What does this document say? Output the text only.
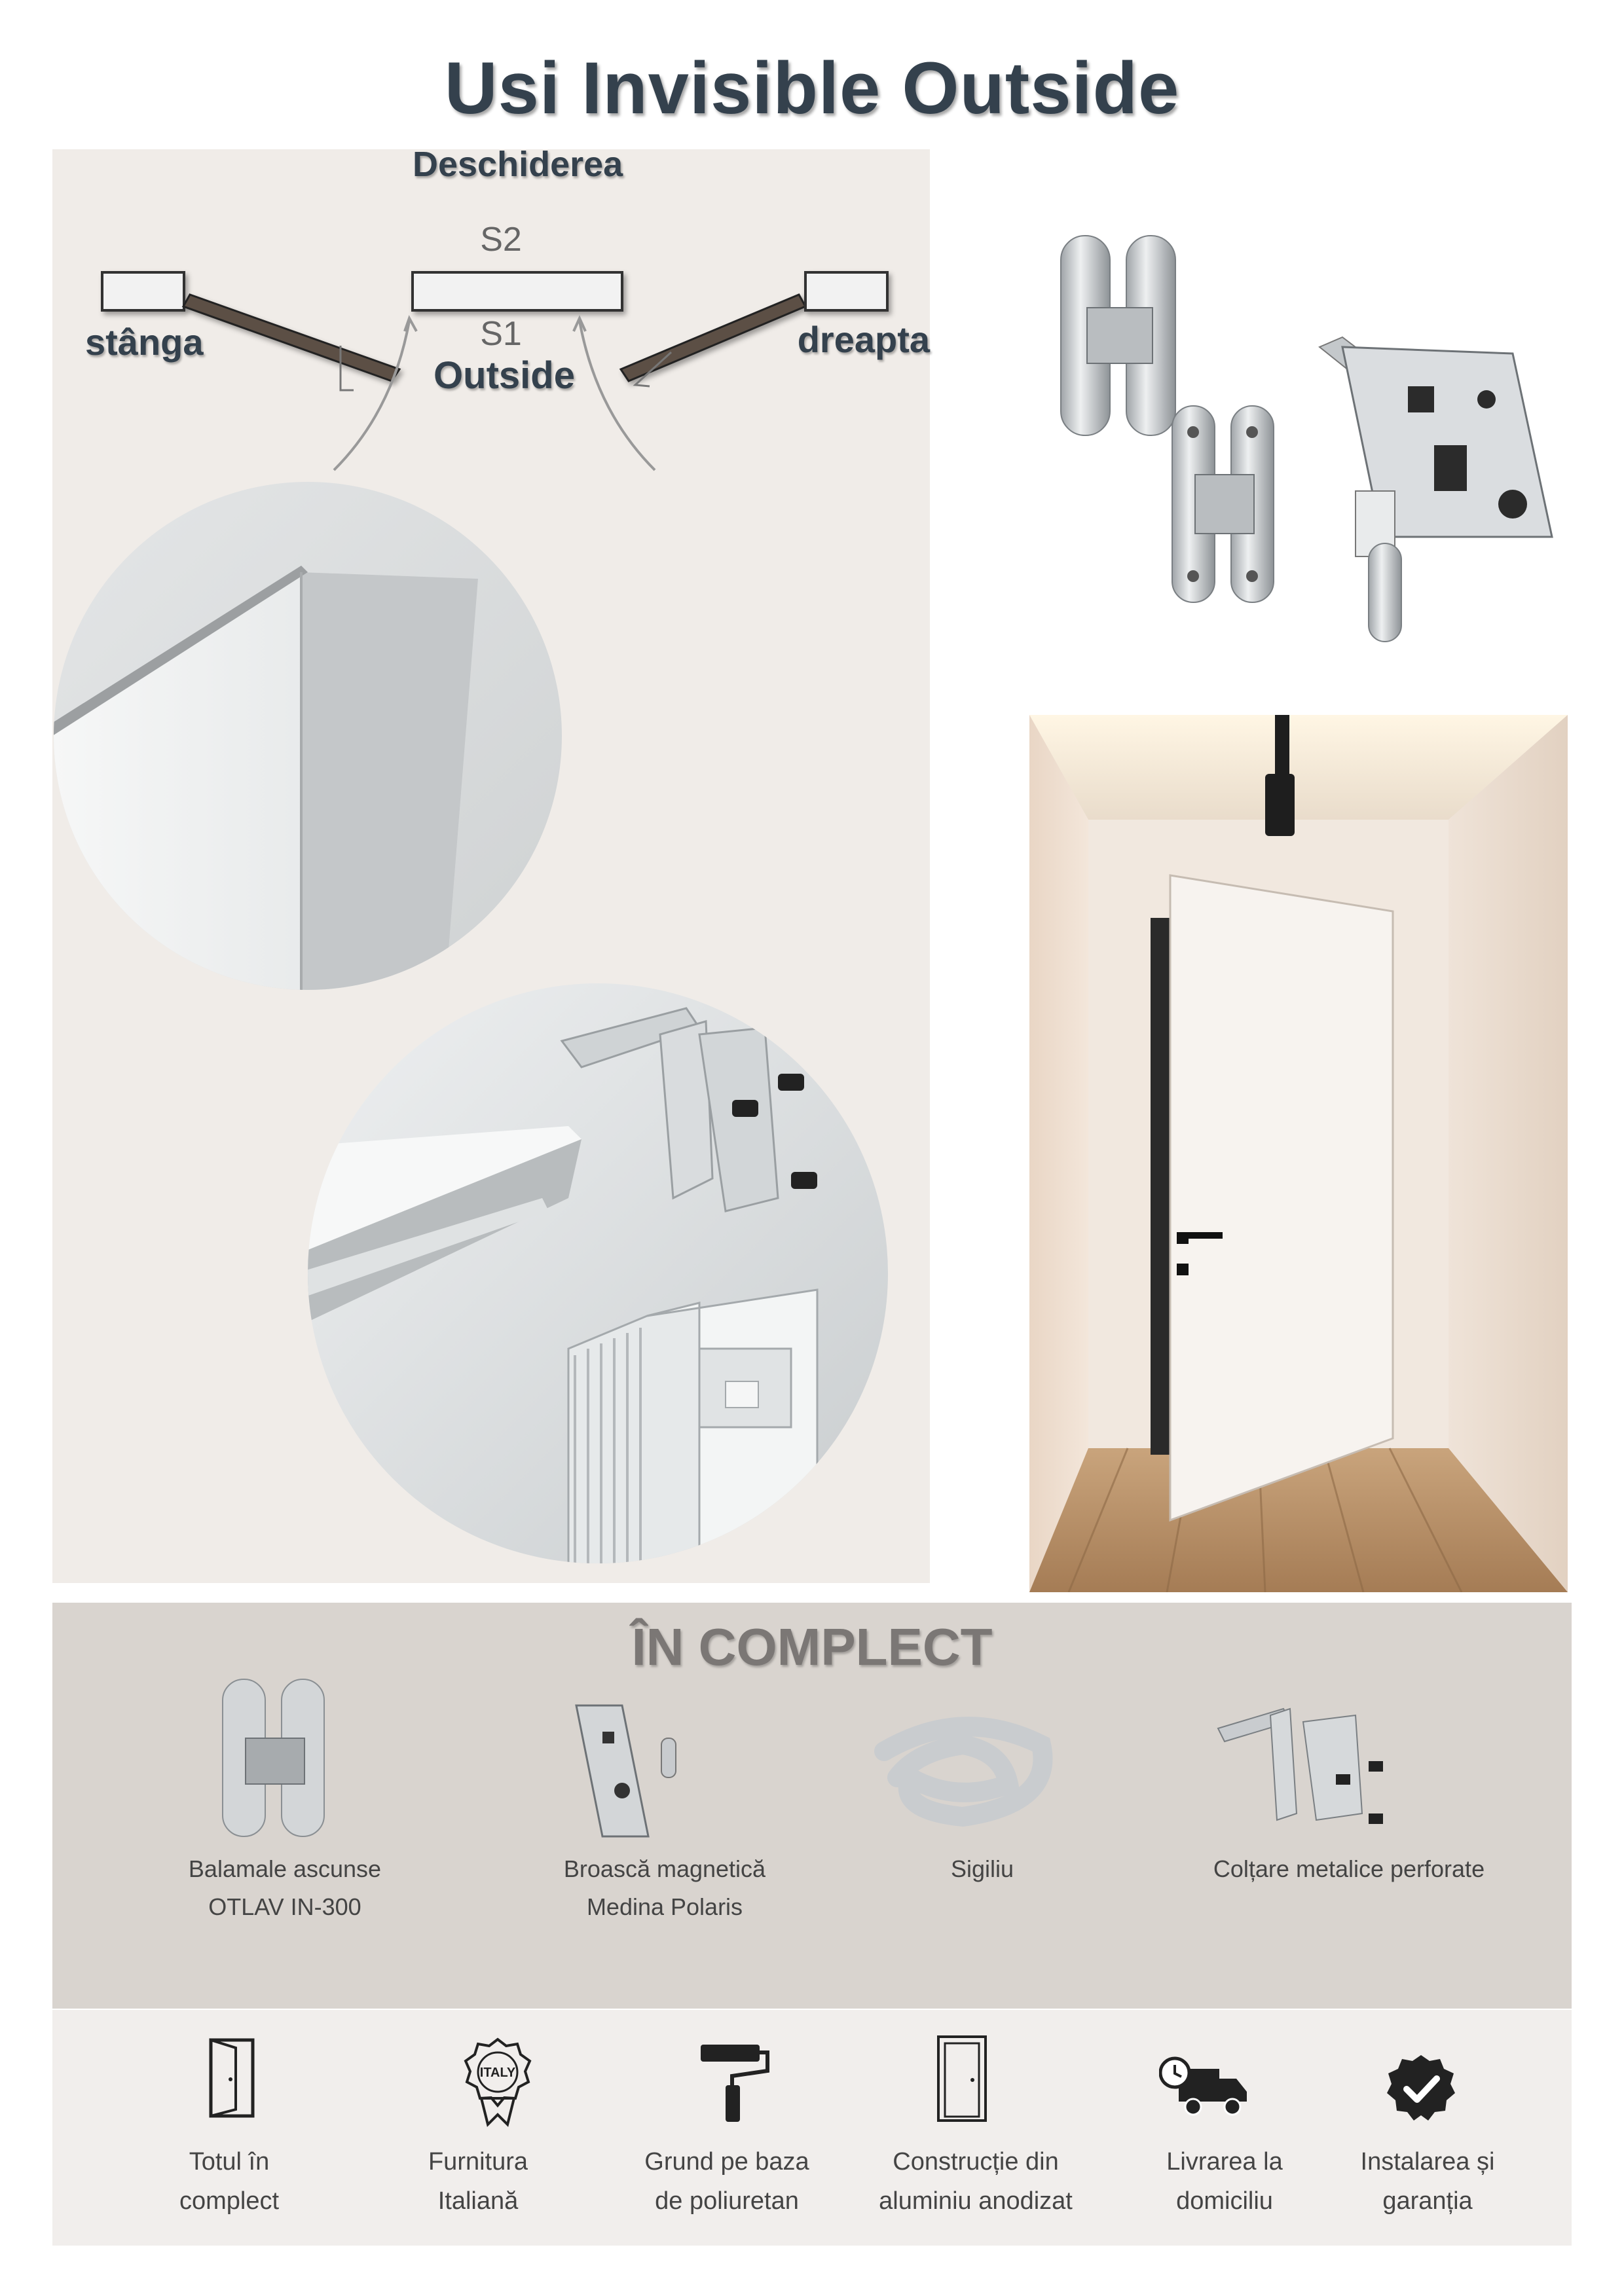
Usi Invisible Outside
Deschiderea
S2
S1
stânga
Outside
dreapta
ÎN COMPLECT
Balamale ascunse
OTLAV IN-300
Broască magnetică
Medina Polaris
Sigiliu	Colțare metalice perforate
ITALY
Totul în
complect
Furnitura
Italiană
Grund pe baza
de poliuretan
Construcție din
aluminiu anodizat
Livrarea la
domiciliu
Instalarea și
garanția
